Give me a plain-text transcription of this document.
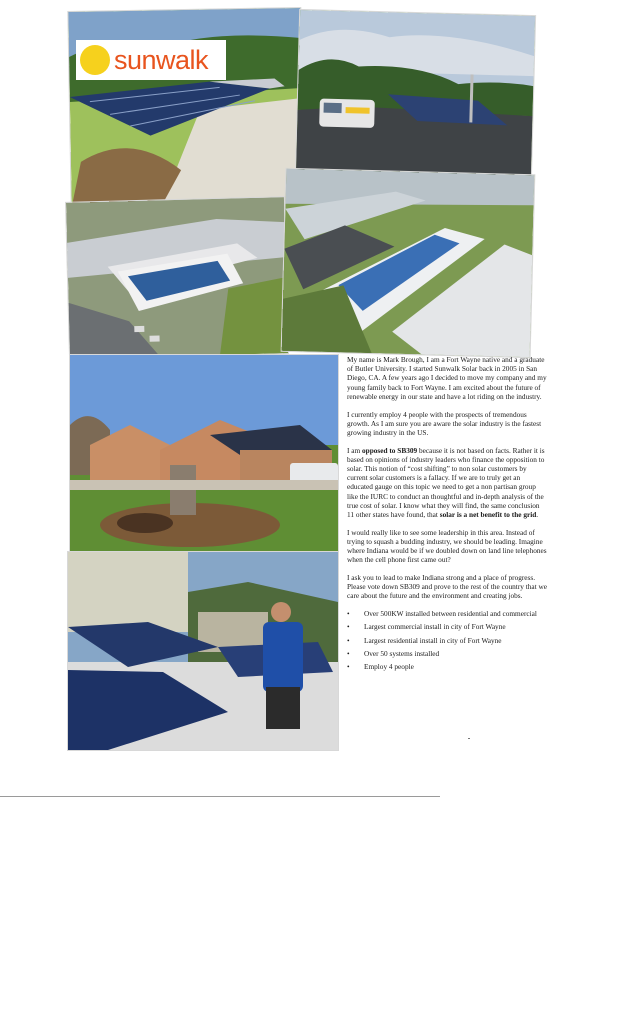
sunwalk

My name is Mark Brough, I am a Fort Wayne native and a graduate of Butler University. I started Sunwalk Solar back in 2005 in San Diego, CA. A few years ago I decided to move my company and my young family back to Fort Wayne. I am excited about the future of renewable energy in our state and have a lot riding on the industry.

I currently employ 4 people with the prospects of tremendous growth. As I am sure you are aware the solar industry is the fastest growing industry in the US.

I am opposed to SB309 because it is not based on facts. Rather it is based on opinions of industry leaders who finance the opposition to solar. This notion of “cost shifting” to non solar customers by current solar customers is a fallacy. If we are to truly get an educated gauge on this topic we need to get a non partisan group like the IURC to conduct an thoughtful and in-depth analysis of the true cost of solar. I know what they will find, the same conclusion 11 other states have found, that solar is a net benefit to the grid.

I would really like to see some leadership in this area. Instead of trying to squash a budding industry, we should be leading. Imagine where Indiana would be if we doubled down on land line telephones when the cell phone first came out?

I ask you to lead to make Indiana strong and a place of progress. Please vote down SB309 and prove to the rest of the country that we care about the future and the environment and creating jobs.

• Over 500KW installed between residential and commercial
• Largest commercial install in city of Fort Wayne
• Largest residential install in city of Fort Wayne
• Over 50 systems installed
• Employ 4 people
